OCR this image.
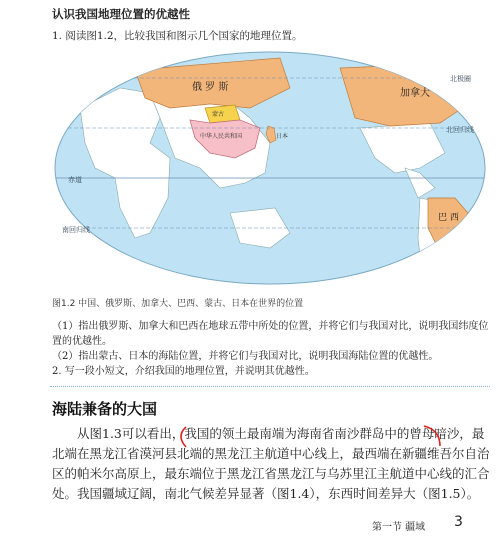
认识我国地理位置的优越性
1. 阅读图1.2，比较我国和图示几个国家的地理位置。
俄 罗 斯
加拿大
蒙古
中华人民共和国	日本
巴 西
北极圈
北回归线
赤道
南回归线
图1.2 中国、俄罗斯、加拿大、巴西、蒙古、日本在世界的位置
（1）指出俄罗斯、加拿大和巴西在地球五带中所处的位置，并将它们与我国对比，说明我国纬度位置的优越性。
（2）指出蒙古、日本的海陆位置，并将它们与我国对比，说明我国海陆位置的优越性。
2. 写一段小短文，介绍我国的地理位置，并说明其优越性。
海陆兼备的大国
从图1.3可以看出，我国的领土最南端为海南省南沙群岛中的曾母暗沙，最北端在黑龙江省漠河县北端的黑龙江主航道中心线上，最西端在新疆维吾尔自治区的帕米尔高原上，最东端位于黑龙江省黑龙江与乌苏里江主航道中心线的汇合处。我国疆域辽阔，南北气候差异显著（图1.4），东西时间差异大（图1.5）。
第一节 疆域 3
